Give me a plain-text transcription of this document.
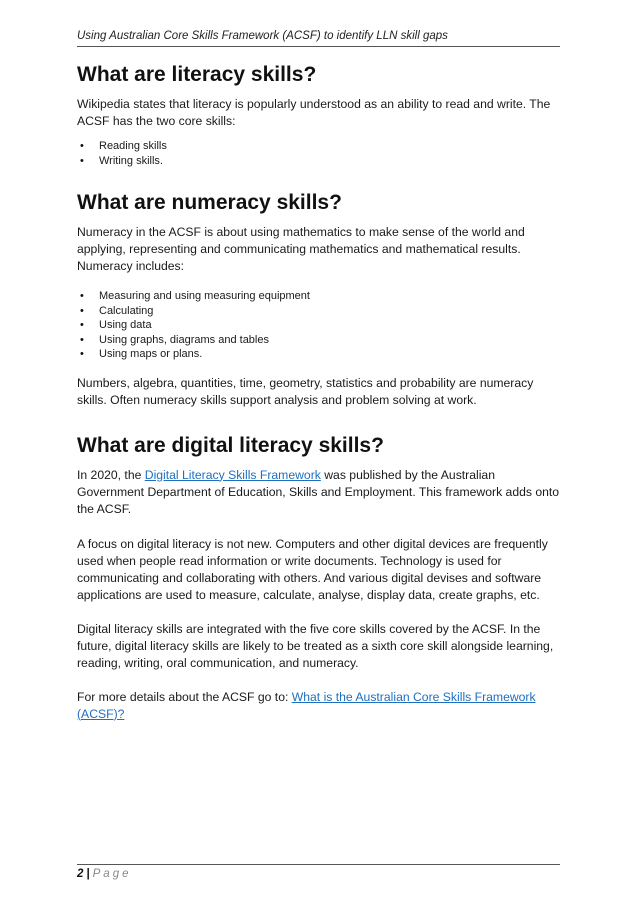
Using Australian Core Skills Framework (ACSF) to identify LLN skill gaps
What are literacy skills?

Wikipedia states that literacy is popularly understood as an ability to read and write. The ACSF has the two core skills:

• Reading skills
• Writing skills.
What are numeracy skills?

Numeracy in the ACSF is about using mathematics to make sense of the world and applying, representing and communicating mathematics and mathematical results. Numeracy includes:

• Measuring and using measuring equipment
• Calculating
• Using data
• Using graphs, diagrams and tables
• Using maps or plans.

Numbers, algebra, quantities, time, geometry, statistics and probability are numeracy skills. Often numeracy skills support analysis and problem solving at work.

What are digital literacy skills?

In 2020, the Digital Literacy Skills Framework was published by the Australian Government Department of Education, Skills and Employment. This framework adds onto the ACSF.

A focus on digital literacy is not new. Computers and other digital devices are frequently used when people read information or write documents. Technology is used for communicating and collaborating with others. And various digital devises and software applications are used to measure, calculate, analyse, display data, create graphs, etc.

Digital literacy skills are integrated with the five core skills covered by the ACSF. In the future, digital literacy skills are likely to be treated as a sixth core skill alongside learning, reading, writing, oral communication, and numeracy.

For more details about the ACSF go to: What is the Australian Core Skills Framework (ACSF)?

2 | Page
